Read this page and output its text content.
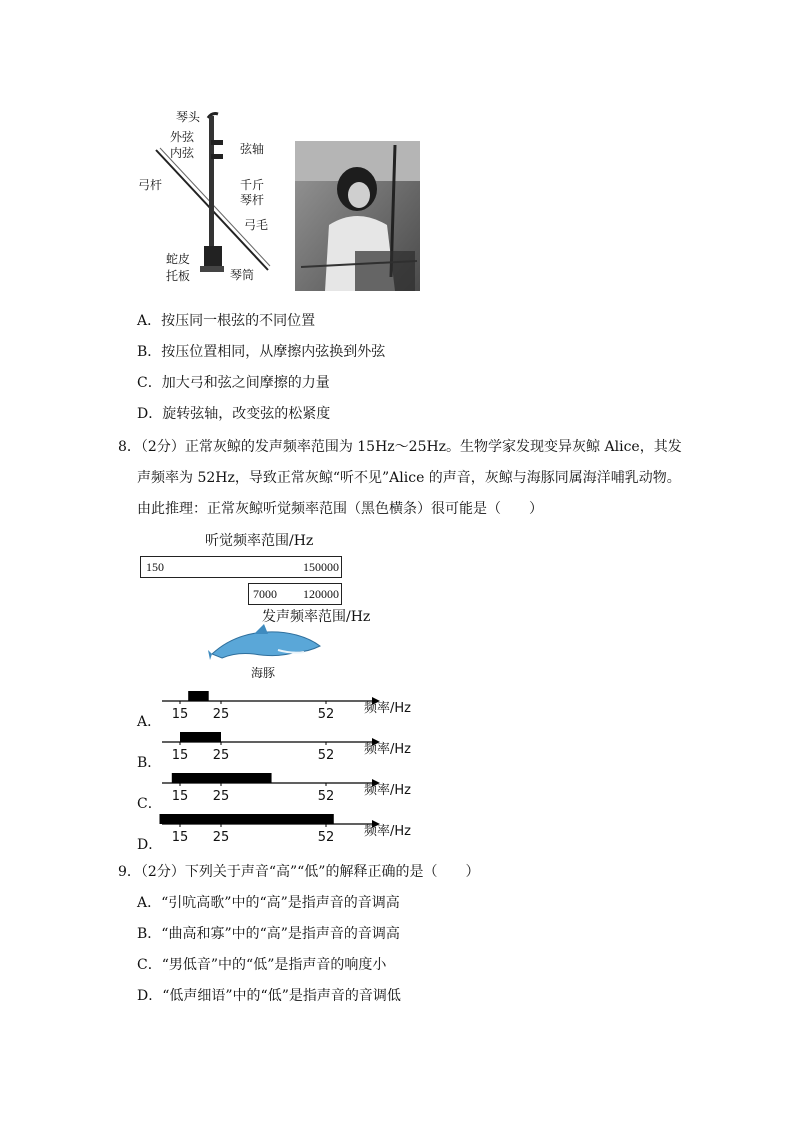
琴头
外弦
内弦	弦轴
弓杆	千斤
琴杆
弓毛
蛇皮
托板	琴筒
A．按压同一根弦的不同位置
B．按压位置相同，从摩擦内弦换到外弦
C．加大弓和弦之间摩擦的力量
D．旋转弦轴，改变弦的松紧度
8．（2分）正常灰鲸的发声频率范围为 15Hz～25Hz。生物学家发现变异灰鲸 Alice，其发
声频率为 52Hz，导致正常灰鲸“听不见”Alice 的声音，灰鲸与海豚同属海洋哺乳动物。
由此推理：正常灰鲸听觉频率范围（黑色横条）很可能是（　　）
听觉频率范围/Hz
150	150000
7000 120000
发声频率范围/Hz
海豚
A．
B．
C．
D．
15 25	52 频率/Hz
15 25	52 频率/Hz
15 25	52 频率/Hz
15 25	52 频率/Hz
9．（2分）下列关于声音“高”“低”的解释正确的是（　　）
A．“引吭高歌”中的“高”是指声音的音调高
B．“曲高和寡”中的“高”是指声音的音调高
C．“男低音”中的“低”是指声音的响度小
D．“低声细语”中的“低”是指声音的音调低
